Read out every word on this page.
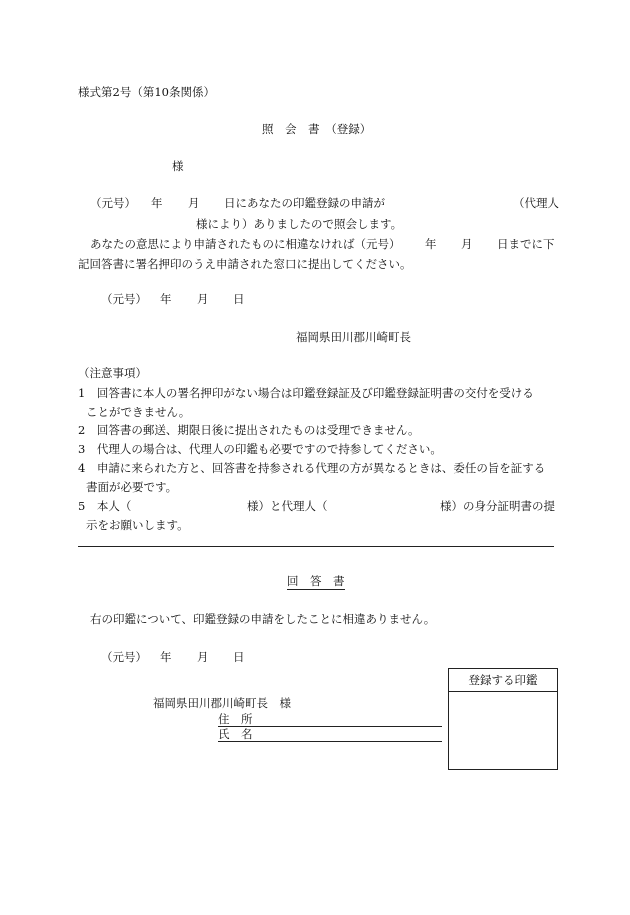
様式第2号（第10条関係）
照　会　書　（登録）
様
（元号） 年 月 日にあなたの印鑑登録の申請が	（代理人
様により）ありましたので照会します。
あなたの意思により申請されたものに相違なければ（元号） 年 月 日までに下
記回答書に署名押印のうえ申請された窓口に提出してください。
（元号） 年 月 日
福岡県田川郡川崎町長
（注意事項）
1　回答書に本人の署名押印がない場合は印鑑登録証及び印鑑登録証明書の交付を受ける
ことができません。
2　回答書の郵送、期限日後に提出されたものは受理できません。
3　代理人の場合は、代理人の印鑑も必要ですので持参してください。
4　申請に来られた方と、回答書を持参される代理の方が異なるときは、委任の旨を証する
書面が必要です。
5　本人（	様）と代理人（	様）の身分証明書の提
示をお願いします。
回　答　書
右の印鑑について、印鑑登録の申請をしたことに相違ありません。
（元号） 年 月 日
福岡県田川郡川崎町長　様
住　所
氏　名
登録する印鑑
